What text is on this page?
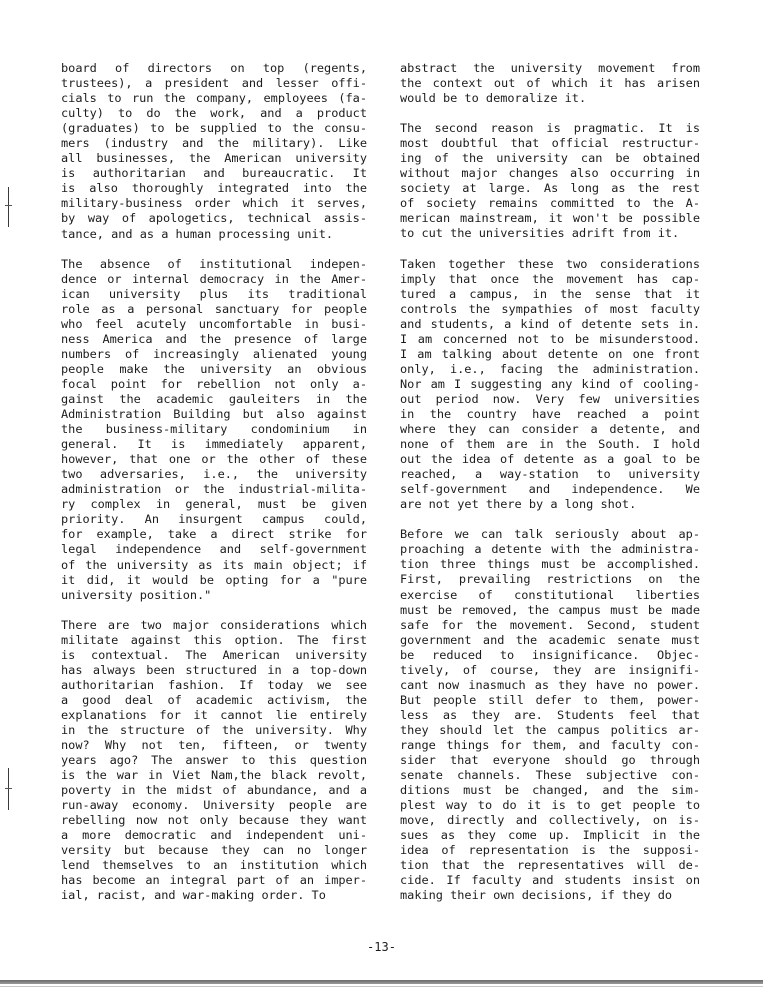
board of directors on top (regents,
trustees), a president and lesser offi-
cials to run the company, employees (fa-
culty) to do the work, and a product
(graduates) to be supplied to the consu-
mers (industry and the military). Like
all businesses, the American university
is authoritarian and bureaucratic. It
is also thoroughly integrated into the
military-business order which it serves,
by way of apologetics, technical assis-
tance, and as a human processing unit.
The absence of institutional indepen-
dence or internal democracy in the Amer-
ican university plus its traditional
role as a personal sanctuary for people
who feel acutely uncomfortable in busi-
ness America and the presence of large
numbers of increasingly alienated young
people make the university an obvious
focal point for rebellion not only a-
gainst the academic gauleiters in the
Administration Building but also against
the business-military condominium in
general. It is immediately apparent,
however, that one or the other of these
two adversaries, i.e., the university
administration or the industrial-milita-
ry complex in general, must be given
priority. An insurgent campus could,
for example, take a direct strike for
legal independence and self-government
of the university as its main object; if
it did, it would be opting for a "pure
university position."
There are two major considerations which
militate against this option. The first
is contextual. The American university
has always been structured in a top-down
authoritarian fashion. If today we see
a good deal of academic activism, the
explanations for it cannot lie entirely
in the structure of the university. Why
now? Why not ten, fifteen, or twenty
years ago? The answer to this question
is the war in Viet Nam,the black revolt,
poverty in the midst of abundance, and a
run-away economy. University people are
rebelling now not only because they want
a more democratic and independent uni-
versity but because they can no longer
lend themselves to an institution which
has become an integral part of an imper-
ial, racist, and war-making order. To
abstract the university movement from
the context out of which it has arisen
would be to demoralize it.
The second reason is pragmatic. It is
most doubtful that official restructur-
ing of the university can be obtained
without major changes also occurring in
society at large. As long as the rest
of society remains committed to the A-
merican mainstream, it won't be possible
to cut the universities adrift from it.
Taken together these two considerations
imply that once the movement has cap-
tured a campus, in the sense that it
controls the sympathies of most faculty
and students, a kind of detente sets in.
I am concerned not to be misunderstood.
I am talking about detente on one front
only, i.e., facing the administration.
Nor am I suggesting any kind of cooling-
out period now. Very few universities
in the country have reached a point
where they can consider a detente, and
none of them are in the South. I hold
out the idea of detente as a goal to be
reached, a way-station to university
self-government and independence. We
are not yet there by a long shot.
Before we can talk seriously about ap-
proaching a detente with the administra-
tion three things must be accomplished.
First, prevailing restrictions on the
exercise of constitutional liberties
must be removed, the campus must be made
safe for the movement. Second, student
government and the academic senate must
be reduced to insignificance. Objec-
tively, of course, they are insignifi-
cant now inasmuch as they have no power.
But people still defer to them, power-
less as they are. Students feel that
they should let the campus politics ar-
range things for them, and faculty con-
sider that everyone should go through
senate channels. These subjective con-
ditions must be changed, and the sim-
plest way to do it is to get people to
move, directly and collectively, on is-
sues as they come up. Implicit in the
idea of representation is the supposi-
tion that the representatives will de-
cide. If faculty and students insist on
making their own decisions, if they do
-13-
